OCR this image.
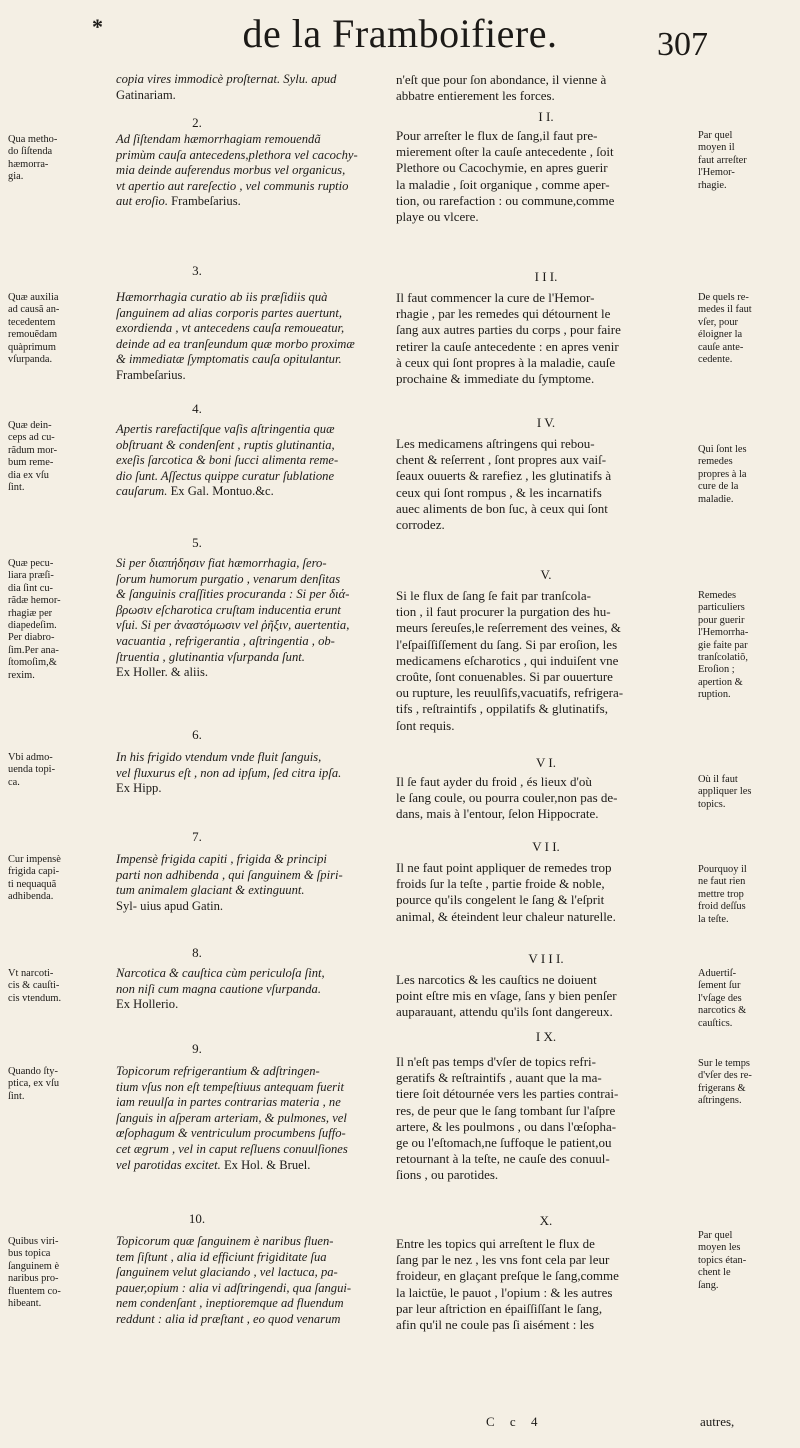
*	de la Framboifiere.	307
copia vires immodicè proſternat. Sylu. apud
Gatinariam.
2.
Qua metho-
do ſiſtenda
hæmorra-
gia.
Ad ſiſtendam hæmorrhagiam remouendã
primùm cauſa antecedens,plethora vel cacochy-
mia deinde auferendus morbus vel organicus,
vt apertio aut rareſectio , vel communis ruptio
aut eroſio. Frambeſarius.
3.
Quæ auxilia
ad causã an-
tecedentem
remouẽdam
quàprimum
vſurpanda.
Hæmorrhagia curatio ab iis præſidiis quà
ſanguinem ad alias corporis partes auertunt,
exordienda , vt antecedens cauſa remoueatur,
deinde ad ea tranſeundum quæ morbo proximæ
& immediatæ ſymptomatis cauſa opitulantur.
Frambeſarius.
4.
Quæ dein-
ceps ad cu-
rãdum mor-
bum reme-
dia ex vſu
ſint.
Apertis rarefactiſque vaſis aſtringentia quæ
obſtruant & condenſent , ruptis glutinantia,
exeſis ſarcotica & boni ſucci alimenta reme-
dio ſunt. Aſſectus quippe curatur ſublatione
cauſarum. Ex Gal. Montuo.&c.
5.
Quæ pecu-
liara præſi-
dia ſint cu-
rãdæ hemor-
rhagiæ per
diapedeſim.
Per diabro-
ſim.Per ana-
ſtomoſim,&
rexim.
Si per διαπήδησιν fiat hæmorrhagia, ſero-
ſorum humorum purgatio , venarum denſitas
& ſanguinis craſſities procuranda : Si per διά-
βρωσιν eſcharotica cruſtam inducentia erunt
vſui. Si per ἀναστόμωσιν vel ῥῆξιν, auertentia,
vacuantia , refrigerantia , aſtringentia , ob-
ſtruentia , glutinantia vſurpanda ſunt.
Ex Holler. & aliis.
6.
Vbi admo-
uenda topi-
ca.
In his frigido vtendum vnde fluit ſanguis,
vel fluxurus eſt , non ad ipſum, ſed citra ipſa.
Ex Hipp.
7.
Cur impensè
frigida capi-
ti nequaquã
adhibenda.
Impensè frigida capiti , frigida & principi
parti non adhibenda , qui ſanguinem & ſpiri-
tum animalem glaciant & extinguunt.
Syl- uius apud Gatin.
8.
Vt narcoti-
cis & cauſti-
cis vtendum.
Narcotica & cauſtica cùm periculoſa ſint,
non niſi cum magna cautione vſurpanda.
Ex Hollerio.
9.
Quando ſty-
ptica, ex vſu
ſint.
Topicorum refrigerantium & adſtringen-
tium vſus non eſt tempeſtiuus antequam fuerit
iam reuulſa in partes contrarias materia , ne
ſanguis in aſperam arteriam, & pulmones, vel
œſophagum & ventriculum procumbens ſuffo-
cet ægrum , vel in caput reſluens conuulſiones
vel parotidas excitet. Ex Hol. & Bruel.
10.
Quibus viri-
bus topica
ſanguinem è
naribus pro-
fluentem co-
hibeant.
Topicorum quæ ſanguinem è naribus fluen-
tem ſiſtunt , alia id efficiunt frigiditate ſua
ſanguinem velut glaciando , vel lactuca, pa-
pauer,opium : alia vi adſtringendi, qua ſangui-
nem condenſant , ineptioremque ad fluendum
reddunt : alia id præſtant , eo quod venarum
n'eſt que pour ſon abondance, il vienne à
abbatre entierement les forces.
I I.
Pour arreſter le flux de ſang,il faut pre-
mierement oſter la cauſe antecedente , ſoit
Plethore ou Cacochymie, en apres guerir
la maladie , ſoit organique , comme aper-
tion, ou rarefaction : ou commune,comme
playe ou vlcere.
Par quel
moyen il
faut arreſter
l'Hemor-
rhagie.
I I I.
Il faut commencer la cure de l'Hemor-
rhagie , par les remedes qui détournent le
ſang aux autres parties du corps , pour faire
retirer la cauſe antecedente : en apres venir
à ceux qui ſont propres à la maladie, cauſe
prochaine & immediate du ſymptome.
De quels re-
medes il faut
vſer, pour
éloigner la
cauſe ante-
cedente.
I V.
Les medicamens aſtringens qui rebou-
chent & reſerrent , ſont propres aux vaiſ-
ſeaux ouuerts & rarefiez , les glutinatifs à
ceux qui ſont rompus , & les incarnatifs
auec aliments de bon ſuc, à ceux qui ſont
corrodez.
Qui ſont les
remedes
propres à la
cure de la
maladie.
V.
Si le flux de ſang ſe fait par tranſcola-
tion , il faut procurer la purgation des hu-
meurs ſereuſes,le reſerrement des veines, &
l'eſpaiſſiſſement du ſang. Si par eroſion, les
medicamens eſcharotics , qui induiſent vne
croûte, ſont conuenables. Si par ouuerture
ou rupture, les reuulſifs,vacuatifs, refrigera-
tifs , reſtraintifs , oppilatifs & glutinatifs,
ſont requis.
Remedes
particuliers
pour guerir
l'Hemorrha-
gie faite par
tranſcolatiõ,
Eroſion ;
apertion &
ruption.
V I.
Il ſe faut ayder du froid , és lieux d'où
le ſang coule, ou pourra couler,non pas de-
dans, mais à l'entour, ſelon Hippocrate.
Où il faut
appliquer les
topics.
V I I.
Il ne faut point appliquer de remedes trop
froids ſur la teſte , partie froide & noble,
pource qu'ils congelent le ſang & l'eſprit
animal, & éteindent leur chaleur naturelle.
Pourquoy il
ne faut rien
mettre trop
froid deſſus
la teſte.
V I I I.
Les narcotics & les cauſtics ne doiuent
point eſtre mis en vſage, ſans y bien penſer
auparauant, attendu qu'ils ſont dangereux.
Aduertiſ-
ſement ſur
l'vſage des
narcotics &
cauſtics.
I X.
Il n'eſt pas temps d'vſer de topics refri-
geratifs & reſtraintifs , auant que la ma-
tiere ſoit détournée vers les parties contrai-
res, de peur que le ſang tombant ſur l'aſpre
artere, & les poulmons , ou dans l'œſopha-
ge ou l'eſtomach,ne ſuffoque le patient,ou
retournant à la teſte, ne cauſe des conuul-
ſions , ou parotides.
Sur le temps
d'vſer des re-
frigerans &
aſtringens.
X.
Entre les topics qui arreſtent le flux de
ſang par le nez , les vns font cela par leur
froideur, en glaçant preſque le ſang,comme
la laictüe, le pauot , l'opium : & les autres
par leur aſtriction en épaiſſiſſant le ſang,
afin qu'il ne coule pas ſi aisément : les
Par quel
moyen les
topics étan-
chent le
ſang.
C c 4	autres,
